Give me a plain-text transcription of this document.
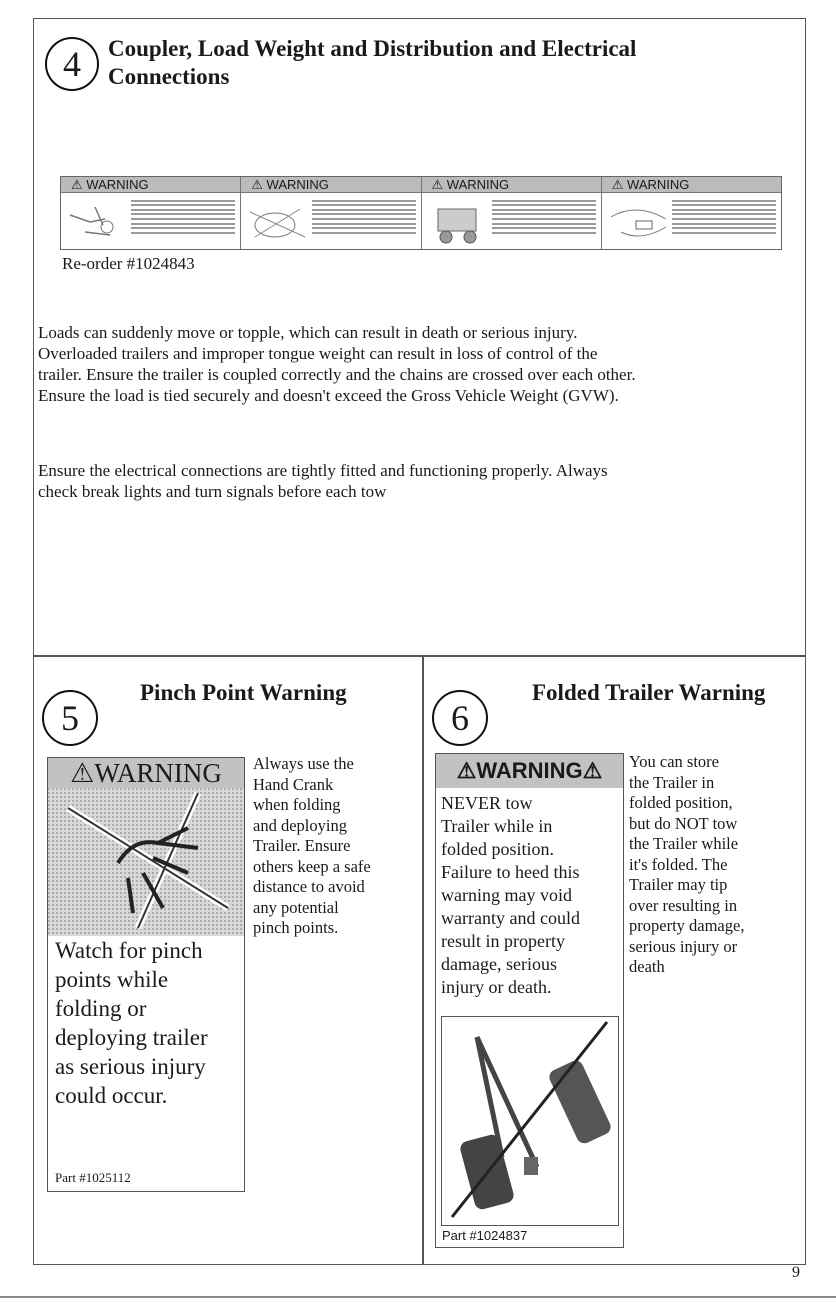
4	Coupler, Load Weight and Distribution and Electrical
Connections
⚠ WARNING	⚠ WARNING	⚠ WARNING	⚠ WARNING
Re-order #1024843
Loads can suddenly move or topple, which can result in death or serious injury.
Overloaded trailers and improper tongue weight can result in loss of control of the
trailer. Ensure the trailer is coupled correctly and the chains are crossed over each other.
Ensure the load is tied securely and doesn't exceed the Gross Vehicle Weight (GVW).
Ensure the electrical connections are tightly fitted and functioning properly. Always
check break lights and turn signals before each tow
5
Pinch Point Warning
⚠WARNING
Watch for pinch
points while
folding or
deploying trailer
as serious injury
could occur.
Part #1025112
Always use the
Hand Crank
when folding
and deploying
Trailer. Ensure
others keep a safe
distance to avoid
any potential
pinch points.
6
Folded Trailer Warning
⚠WARNING⚠
NEVER tow
Trailer while in
folded position.
Failure to heed this
warning may void
warranty and could
result in property
damage, serious
injury or death.
Part #1024837
You can store
the Trailer in
folded position,
but do NOT tow
the Trailer while
it's folded. The
Trailer may tip
over resulting in
property damage,
serious injury or
death
9
